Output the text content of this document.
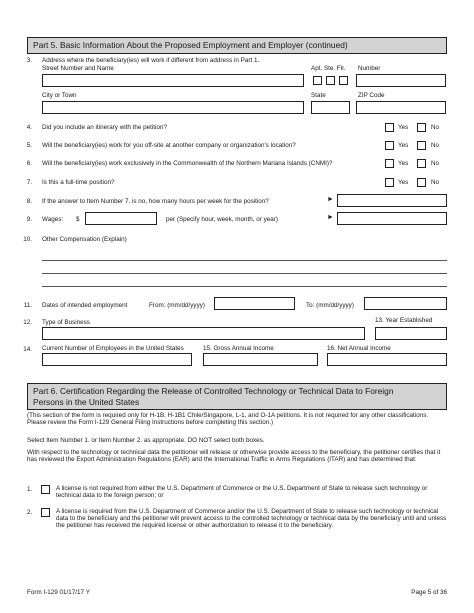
Part 5. Basic Information About the Proposed Employment and Employer (continued)
3. Address where the beneficiary(ies) will work if different from address in Part 1.
Street Number and Name	Apt. Ste. Flr. Number
City or Town	State	ZIP Code
4. Did you include an itinerary with the petition?	Yes	No
5. Will the beneficiary(ies) work for you off-site at another company or organization's location?	Yes	No
6. Will the beneficiary(ies) work exclusively in the Commonwealth of the Northern Mariana Islands (CNMI)?	Yes	No
7. Is this a full-time position?	Yes	No
8. If the answer to Item Number 7. is no, how many hours per week for the position?	►
9. Wages: $	per (Specify hour, week, month, or year)	►
10. Other Compensation (Explain)
11. Dates of intended employment	From: (mm/dd/yyyy)	To: (mm/dd/yyyy)
12. Type of Business	13. Year Established
14. Current Number of Employees in the United States	15. Gross Annual Income	16. Net Annual Income
Part 6. Certification Regarding the Release of Controlled Technology or Technical Data to Foreign
Persons in the United States
(This section of the form is required only for H-1B, H-1B1 Chile/Singapore, L-1, and O-1A petitions. It is not required for any other classifications. Please review the Form I-129 General Filing Instructions before completing this section.)
Select Item Number 1. or Item Number 2. as appropriate. DO NOT select both boxes.
With respect to the technology or technical data the petitioner will release or otherwise provide access to the beneficiary, the petitioner certifies that it has reviewed the Export Administration Regulations (EAR) and the International Traffic in Arms Regulations (ITAR) and has determined that:
1.	A license is not required from either the U.S. Department of Commerce or the U.S. Department of State to release such technology or technical data to the foreign person; or
2.	A license is required from the U.S. Department of Commerce and/or the U.S. Department of State to release such technology or technical data to the beneficiary and the petitioner will prevent access to the controlled technology or technical data by the beneficiary until and unless the petitioner has received the required license or other authorization to release it to the beneficiary.
Form I-129 01/17/17 Y	Page 5 of 36
